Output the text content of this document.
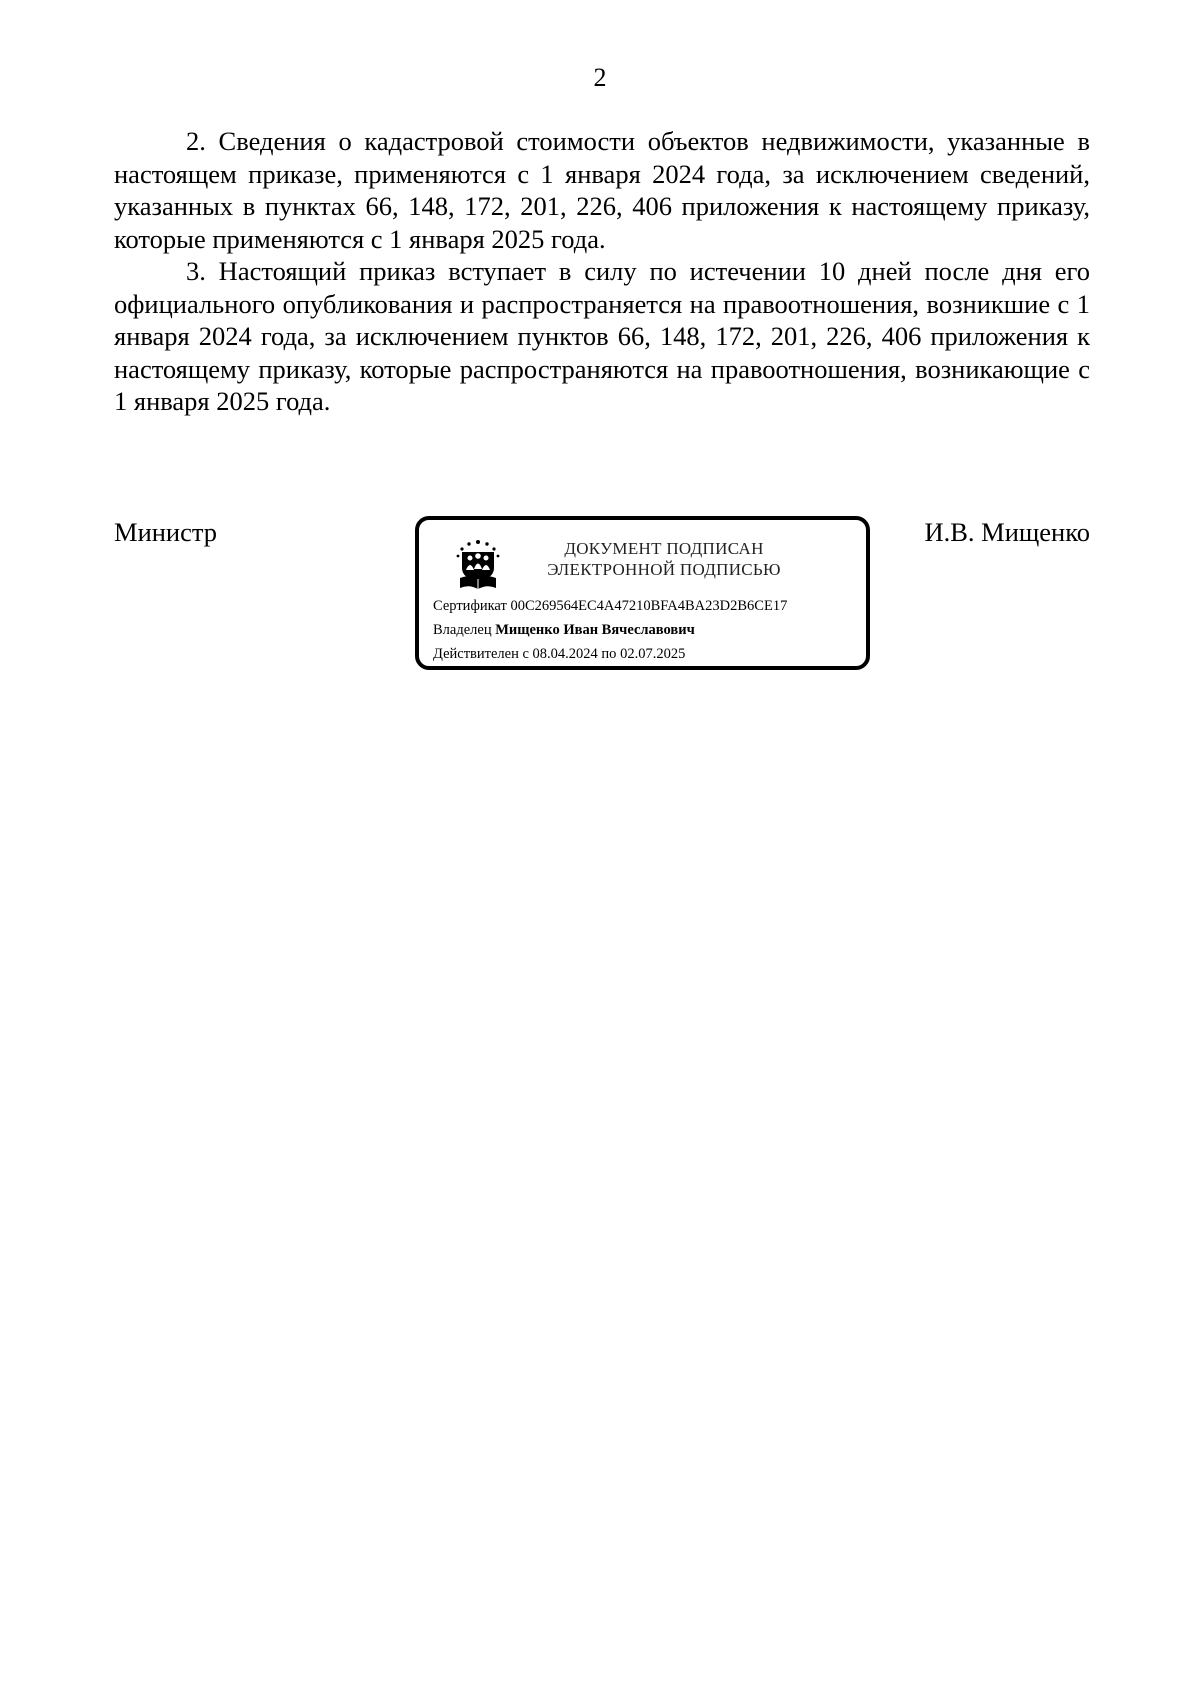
2

2. Сведения о кадастровой стоимости объектов недвижимости, указанные в настоящем приказе, применяются с 1 января 2024 года, за исключением сведений, указанных в пунктах 66, 148, 172, 201, 226, 406 приложения к настоящему приказу, которые применяются с 1 января 2025 года.

3. Настоящий приказ вступает в силу по истечении 10 дней после дня его официального опубликования и распространяется на правоотношения, возникшие с 1 января 2024 года, за исключением пунктов 66, 148, 172, 201, 226, 406 приложения к настоящему приказу, которые распространяются на правоотношения, возникающие с 1 января 2025 года.

Министр
ДОКУМЕНТ ПОДПИСАН
ЭЛЕКТРОННОЙ ПОДПИСЬЮ
Сертификат 00C269564EC4A47210BFA4BA23D2B6CE17
Владелец Мищенко Иван Вячеславович
Действителен с 08.04.2024 по 02.07.2025
И.В. Мищенко
